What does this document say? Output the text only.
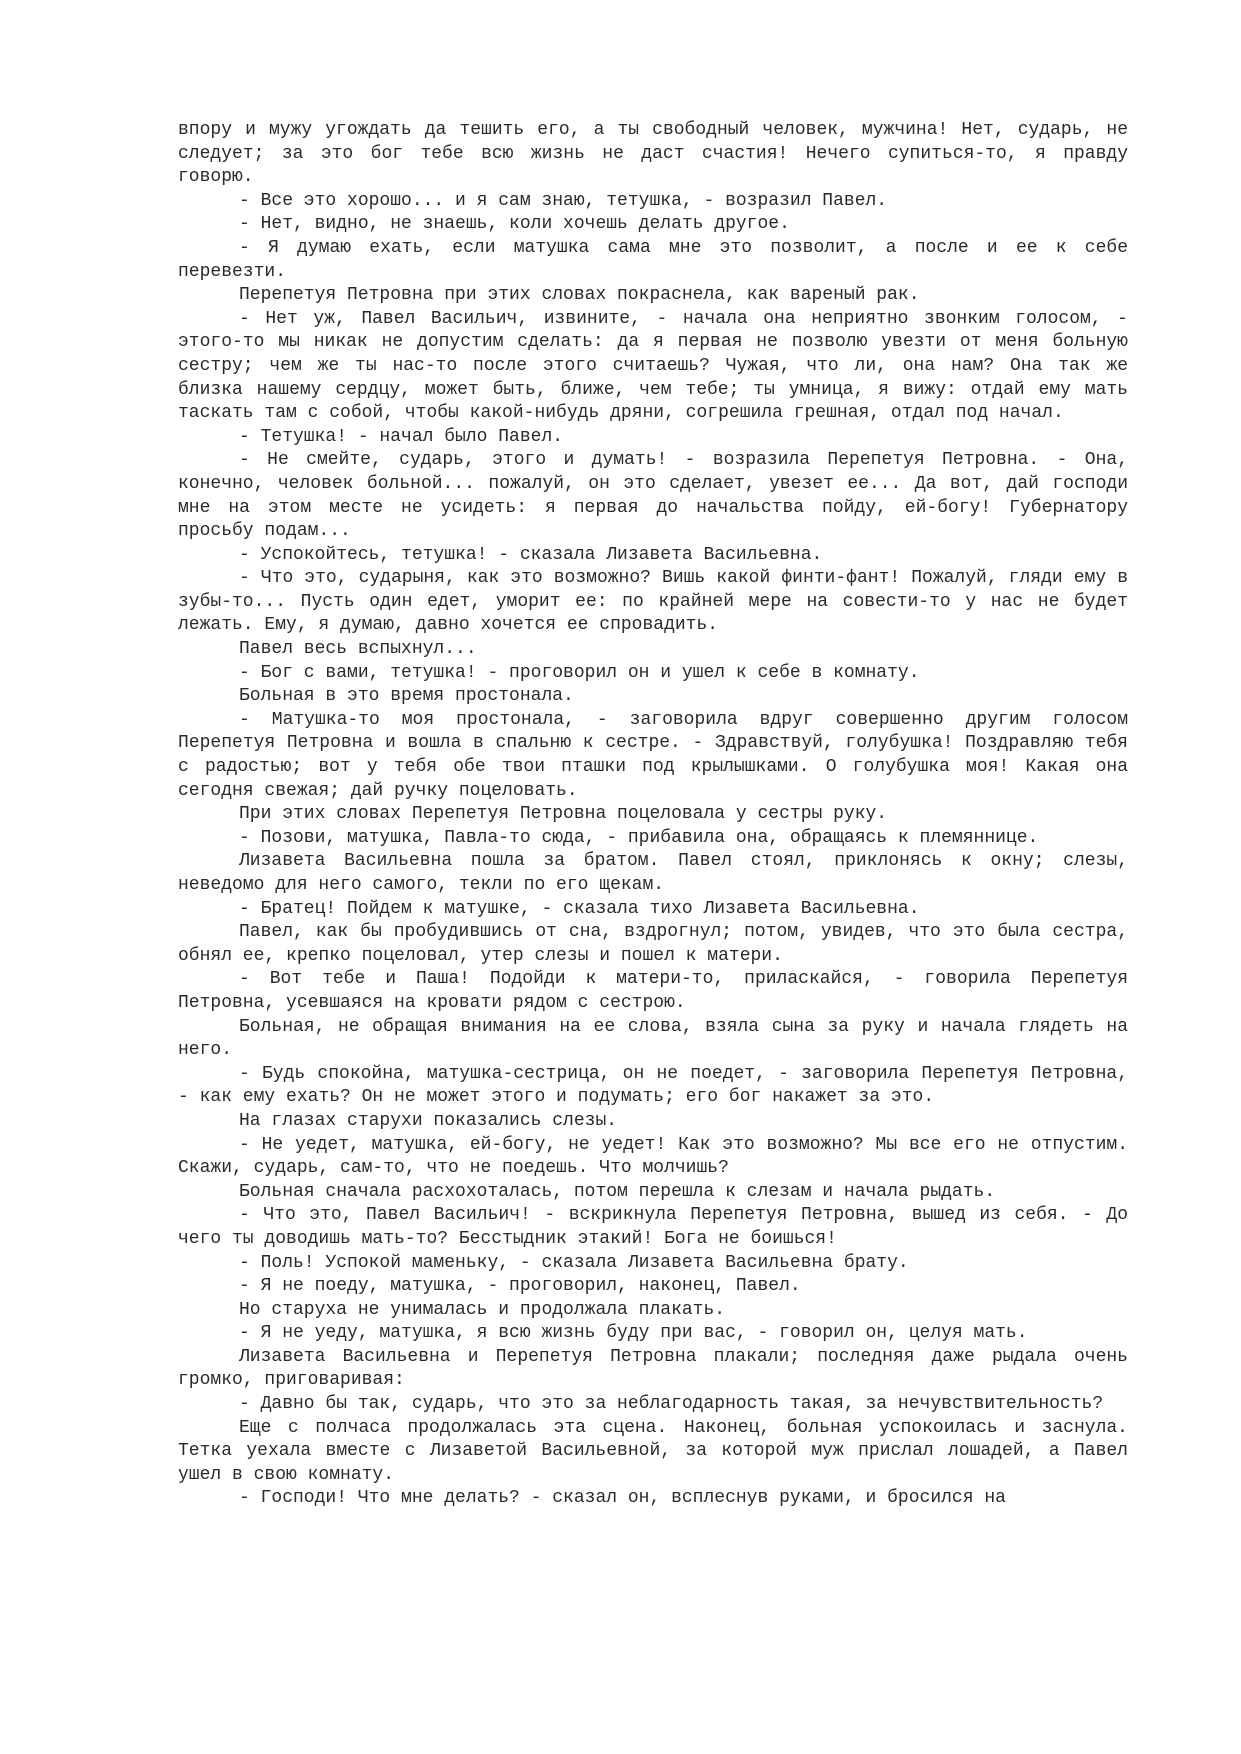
впору и мужу угождать да тешить его, а ты свободный человек, мужчина! Нет, сударь, не следует; за это бог тебе всю жизнь не даст счастия! Нечего супиться-то, я правду говорю.

- Все это хорошо... и я сам знаю, тетушка, - возразил Павел.

- Нет, видно, не знаешь, коли хочешь делать другое.

- Я думаю ехать, если матушка сама мне это позволит, а после и ее к себе перевезти.

Перепетуя Петровна при этих словах покраснела, как вареный рак.

- Нет уж, Павел Васильич, извините, - начала она неприятно звонким голосом, - этого-то мы никак не допустим сделать: да я первая не позволю увезти от меня больную сестру; чем же ты нас-то после этого считаешь? Чужая, что ли, она нам? Она так же близка нашему сердцу, может быть, ближе, чем тебе; ты умница, я вижу: отдай ему мать таскать там с собой, чтобы какой-нибудь дряни, согрешила грешная, отдал под начал.

- Тетушка! - начал было Павел.

- Не смейте, сударь, этого и думать! - возразила Перепетуя Петровна. - Она, конечно, человек больной... пожалуй, он это сделает, увезет ее... Да вот, дай господи мне на этом месте не усидеть: я первая до начальства пойду, ей-богу! Губернатору просьбу подам...

- Успокойтесь, тетушка! - сказала Лизавета Васильевна.

- Что это, сударыня, как это возможно? Вишь какой финти-фант! Пожалуй, гляди ему в зубы-то... Пусть один едет, уморит ее: по крайней мере на совести-то у нас не будет лежать. Ему, я думаю, давно хочется ее спровадить.

Павел весь вспыхнул...

- Бог с вами, тетушка! - проговорил он и ушел к себе в комнату.

Больная в это время простонала.

- Матушка-то моя простонала, - заговорила вдруг совершенно другим голосом Перепетуя Петровна и вошла в спальню к сестре. - Здравствуй, голубушка! Поздравляю тебя с радостью; вот у тебя обе твои пташки под крылышками. О голубушка моя! Какая она сегодня свежая; дай ручку поцеловать.

При этих словах Перепетуя Петровна поцеловала у сестры руку.

- Позови, матушка, Павла-то сюда, - прибавила она, обращаясь к племяннице.

Лизавета Васильевна пошла за братом. Павел стоял, приклонясь к окну; слезы, неведомо для него самого, текли по его щекам.

- Братец! Пойдем к матушке, - сказала тихо Лизавета Васильевна.

Павел, как бы пробудившись от сна, вздрогнул; потом, увидев, что это была сестра, обнял ее, крепко поцеловал, утер слезы и пошел к матери.

- Вот тебе и Паша! Подойди к матери-то, приласкайся, - говорила Перепетуя Петровна, усевшаяся на кровати рядом с сестрою.

Больная, не обращая внимания на ее слова, взяла сына за руку и начала глядеть на него.

- Будь спокойна, матушка-сестрица, он не поедет, - заговорила Перепетуя Петровна, - как ему ехать? Он не может этого и подумать; его бог накажет за это.

На глазах старухи показались слезы.

- Не уедет, матушка, ей-богу, не уедет! Как это возможно? Мы все его не отпустим. Скажи, сударь, сам-то, что не поедешь. Что молчишь?

Больная сначала расхохоталась, потом перешла к слезам и начала рыдать.

- Что это, Павел Васильич! - вскрикнула Перепетуя Петровна, вышед из себя. - До чего ты доводишь мать-то? Бесстыдник этакий! Бога не боишься!

- Поль! Успокой маменьку, - сказала Лизавета Васильевна брату.

- Я не поеду, матушка, - проговорил, наконец, Павел.

Но старуха не унималась и продолжала плакать.

- Я не уеду, матушка, я всю жизнь буду при вас, - говорил он, целуя мать.

Лизавета Васильевна и Перепетуя Петровна плакали; последняя даже рыдала очень громко, приговаривая:

- Давно бы так, сударь, что это за неблагодарность такая, за нечувствительность?

Еще с полчаса продолжалась эта сцена. Наконец, больная успокоилась и заснула. Тетка уехала вместе с Лизаветой Васильевной, за которой муж прислал лошадей, а Павел ушел в свою комнату.

- Господи! Что мне делать? - сказал он, всплеснув руками, и бросился на
